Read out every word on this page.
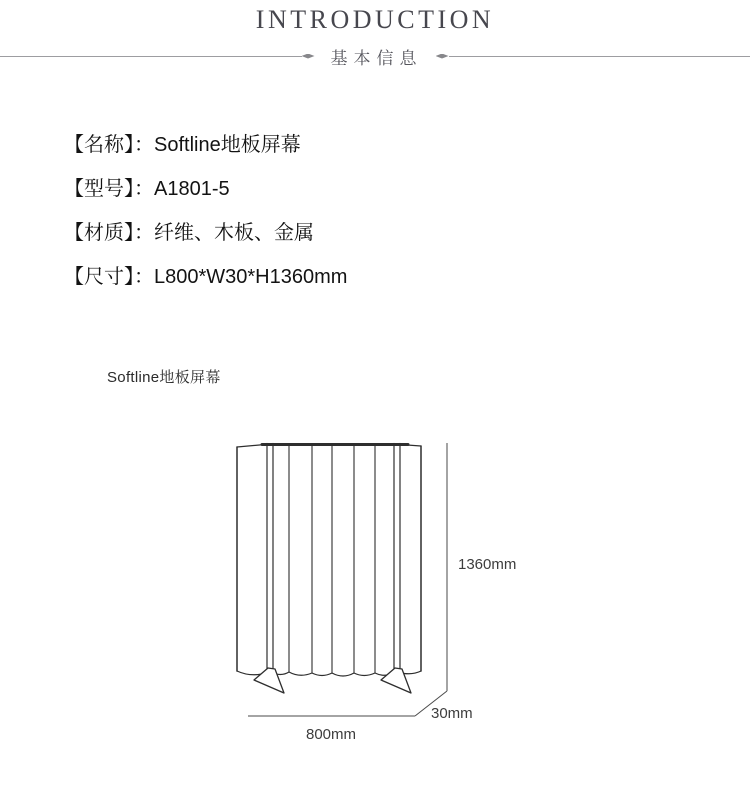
INTRODUCTION
基本信息
【名称】：Softline地板屏幕
【型号】：A1801-5
【材质】：纤维、木板、金属
【尺寸】：L800*W30*H1360mm
Softline地板屏幕
1360mm
30mm
800mm
